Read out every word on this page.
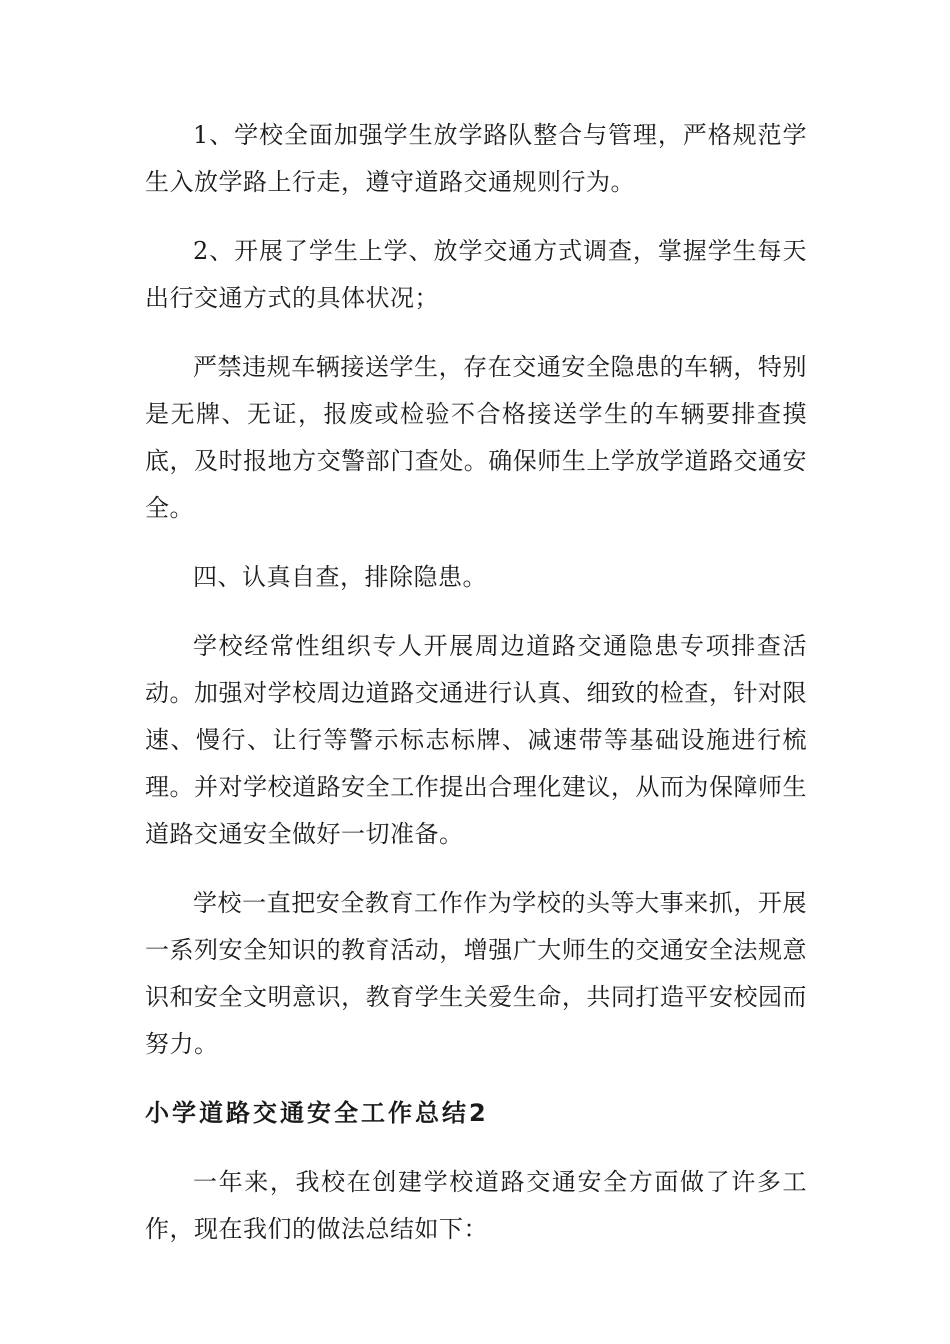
1、学校全面加强学生放学路队整合与管理，严格规范学生入放学路上行走，遵守道路交通规则行为。

2、开展了学生上学、放学交通方式调查，掌握学生每天出行交通方式的具体状况；

严禁违规车辆接送学生，存在交通安全隐患的车辆，特别是无牌、无证，报废或检验不合格接送学生的车辆要排查摸底，及时报地方交警部门查处。确保师生上学放学道路交通安全。

四、认真自查，排除隐患。

学校经常性组织专人开展周边道路交通隐患专项排查活动。加强对学校周边道路交通进行认真、细致的检查，针对限速、慢行、让行等警示标志标牌、减速带等基础设施进行梳理。并对学校道路安全工作提出合理化建议，从而为保障师生道路交通安全做好一切准备。

学校一直把安全教育工作作为学校的头等大事来抓，开展一系列安全知识的教育活动，增强广大师生的交通安全法规意识和安全文明意识，教育学生关爱生命，共同打造平安校园而努力。

小学道路交通安全工作总结2

一年来，我校在创建学校道路交通安全方面做了许多工作，现在我们的做法总结如下：
